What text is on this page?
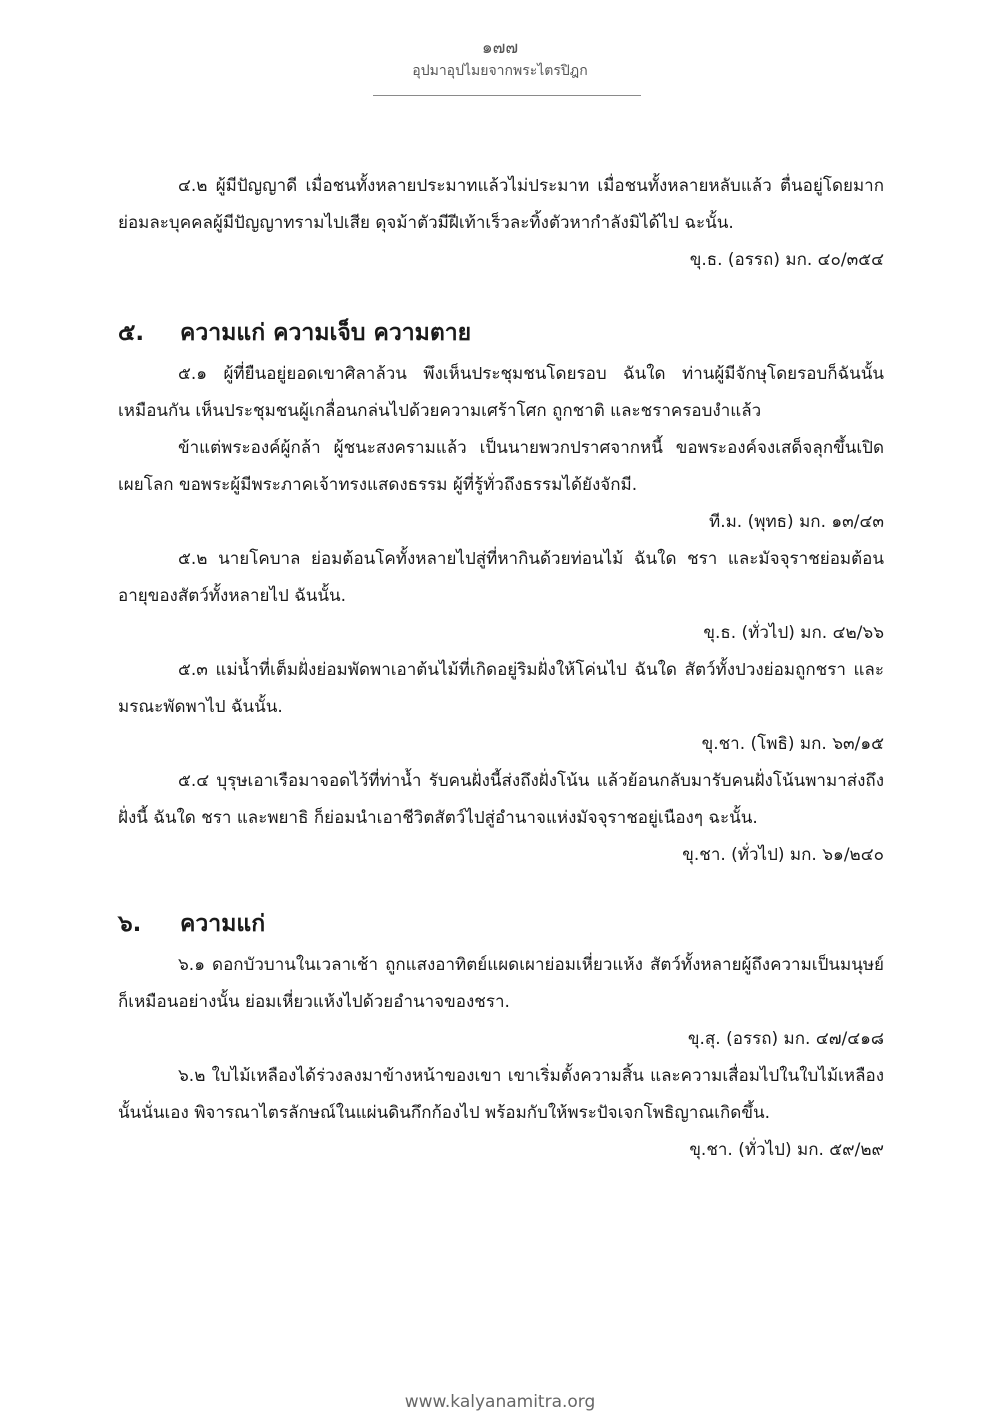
๑๗๗
อุปมาอุปไมยจากพระไตรปิฎก

๔.๒ ผู้มีปัญญาดี เมื่อชนทั้งหลายประมาทแล้วไม่ประมาท เมื่อชนทั้งหลายหลับแล้ว ตื่นอยู่โดยมาก ย่อมละบุคคลผู้มีปัญญาทรามไปเสีย ดุจม้าตัวมีฝีเท้าเร็วละทิ้งตัวหากำลังมิได้ไป ฉะนั้น.

ขุ.ธ. (อรรถ) มก. ๔๐/๓๕๔

๕.	ความแก่ ความเจ็บ ความตาย

๕.๑ ผู้ที่ยืนอยู่ยอดเขาศิลาล้วน พึงเห็นประชุมชนโดยรอบ ฉันใด ท่านผู้มีจักษุโดยรอบก็ฉันนั้นเหมือนกัน เห็นประชุมชนผู้เกลื่อนกล่นไปด้วยความเศร้าโศก ถูกชาติ และชราครอบงำแล้ว

ข้าแต่พระองค์ผู้กล้า ผู้ชนะสงครามแล้ว เป็นนายพวกปราศจากหนี้ ขอพระองค์จงเสด็จลุกขึ้นเปิดเผยโลก ขอพระผู้มีพระภาคเจ้าทรงแสดงธรรม ผู้ที่รู้ทั่วถึงธรรมได้ยังจักมี.

ที.ม. (พุทธ) มก. ๑๓/๔๓

๕.๒ นายโคบาล ย่อมต้อนโคทั้งหลายไปสู่ที่หากินด้วยท่อนไม้ ฉันใด ชรา และมัจจุราชย่อมต้อนอายุของสัตว์ทั้งหลายไป ฉันนั้น.

ขุ.ธ. (ทั่วไป) มก. ๔๒/๖๖

๕.๓ แม่น้ำที่เต็มฝั่งย่อมพัดพาเอาต้นไม้ที่เกิดอยู่ริมฝั่งให้โค่นไป ฉันใด สัตว์ทั้งปวงย่อมถูกชรา และมรณะพัดพาไป ฉันนั้น.

ขุ.ชา. (โพธิ) มก. ๖๓/๑๕

๕.๔ บุรุษเอาเรือมาจอดไว้ที่ท่าน้ำ รับคนฝั่งนี้ส่งถึงฝั่งโน้น แล้วย้อนกลับมารับคนฝั่งโน้นพามาส่งถึงฝั่งนี้ ฉันใด ชรา และพยาธิ ก็ย่อมนำเอาชีวิตสัตว์ไปสู่อำนาจแห่งมัจจุราชอยู่เนืองๆ ฉะนั้น.

ขุ.ชา. (ทั่วไป) มก. ๖๑/๒๔๐

๖.	ความแก่

๖.๑ ดอกบัวบานในเวลาเช้า ถูกแสงอาทิตย์แผดเผาย่อมเหี่ยวแห้ง สัตว์ทั้งหลายผู้ถึงความเป็นมนุษย์ก็เหมือนอย่างนั้น ย่อมเหี่ยวแห้งไปด้วยอำนาจของชรา.

ขุ.สุ. (อรรถ) มก. ๔๗/๔๑๘

๖.๒ ใบไม้เหลืองได้ร่วงลงมาข้างหน้าของเขา เขาเริ่มตั้งความสิ้น และความเสื่อมไปในใบไม้เหลืองนั้นนั่นเอง พิจารณาไตรลักษณ์ในแผ่นดินกึกก้องไป พร้อมกับให้พระปัจเจกโพธิญาณเกิดขึ้น.

ขุ.ชา. (ทั่วไป) มก. ๕๙/๒๙

www.kalyanamitra.org
